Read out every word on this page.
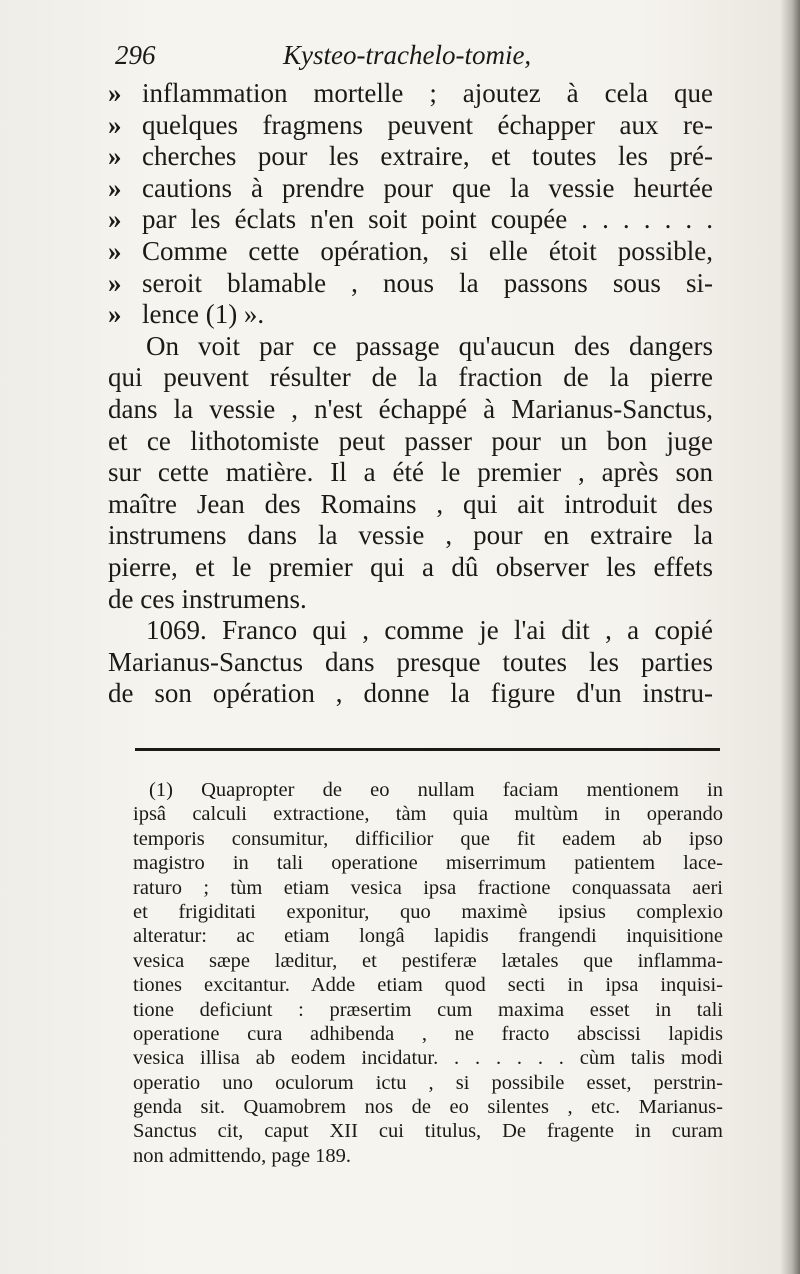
296	Kysteo-trachelo-tomie,
» inflammation mortelle ; ajoutez à cela que
» quelques fragmens peuvent échapper aux re-
» cherches pour les extraire, et toutes les pré-
» cautions à prendre pour que la vessie heurtée
» par les éclats n'en soit point coupée . . . . . . .
» Comme cette opération, si elle étoit possible,
» seroit blamable , nous la passons sous si-
» lence (1) ».
On voit par ce passage qu'aucun des dangers
qui peuvent résulter de la fraction de la pierre
dans la vessie , n'est échappé à Marianus-Sanctus,
et ce lithotomiste peut passer pour un bon juge
sur cette matière. Il a été le premier , après son
maître Jean des Romains , qui ait introduit des
instrumens dans la vessie , pour en extraire la
pierre, et le premier qui a dû observer les effets
de ces instrumens.
1069. Franco qui , comme je l'ai dit , a copié
Marianus-Sanctus dans presque toutes les parties
de son opération , donne la figure d'un instru-
(1) Quapropter de eo nullam faciam mentionem in
ipsâ calculi extractione, tàm quia multùm in operando
temporis consumitur, difficilior que fit eadem ab ipso
magistro in tali operatione miserrimum patientem lace-
raturo ; tùm etiam vesica ipsa fractione conquassata aeri
et frigiditati exponitur, quo maximè ipsius complexio
alteratur: ac etiam longâ lapidis frangendi inquisitione
vesica sæpe læditur, et pestiferæ lætales que inflamma-
tiones excitantur. Adde etiam quod secti in ipsa inquisi-
tione deficiunt : præsertim cum maxima esset in tali
operatione cura adhibenda , ne fracto abscissi lapidis
vesica illisa ab eodem incidatur. . . . . . . cùm talis modi
operatio uno oculorum ictu , si possibile esset, perstrin-
genda sit. Quamobrem nos de eo silentes , etc. Marianus-
Sanctus cit, caput XII cui titulus, De fragente in curam
non admittendo, page 189.
